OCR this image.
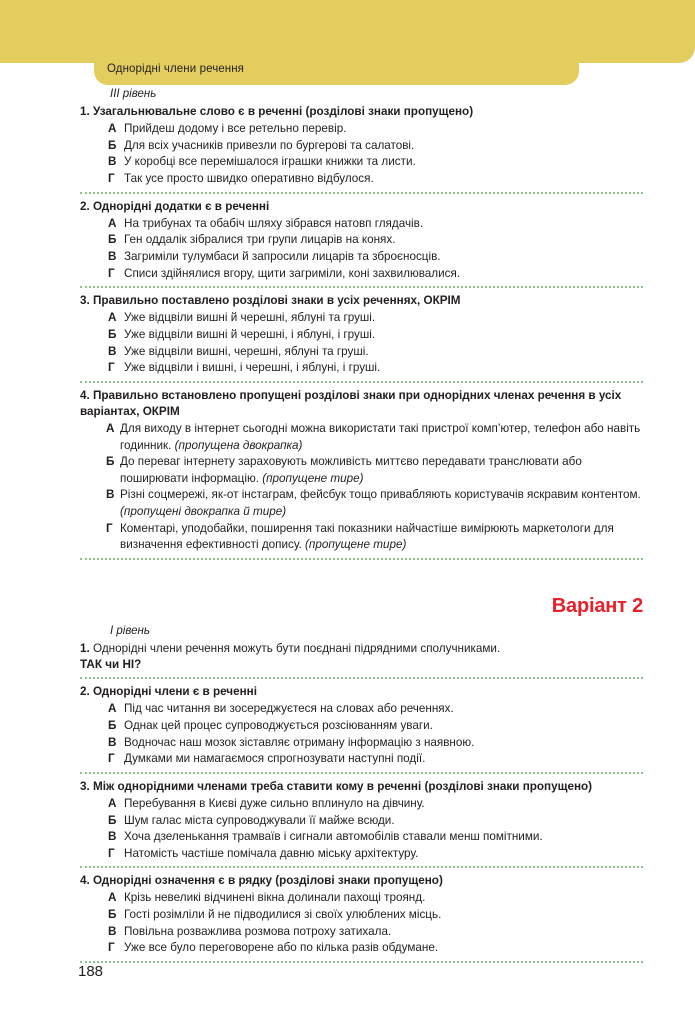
Однорідні члени речення
III рівень
1. Узагальнювальне слово є в реченні (розділові знаки пропущено)
А Прийдеш додому і все ретельно перевір.
Б Для всіх учасників привезли по бургерові та салатові.
В У коробці все перемішалося іграшки книжки та листи.
Г Так усе просто швидко оперативно відбулося.
2. Однорідні додатки є в реченні
А На трибунах та обабіч шляху зібрався натовп глядачів.
Б Ген оддалік зібралися три групи лицарів на конях.
В Загриміли тулумбаси й запросили лицарів та зброєносців.
Г Списи здійнялися вгору, щити загриміли, коні захвилювалися.
3. Правильно поставлено розділові знаки в усіх реченнях, ОКРІМ
А Уже відцвіли вишні й черешні, яблуні та груші.
Б Уже відцвіли вишні й черешні, і яблуні, і груші.
В Уже відцвіли вишні, черешні, яблуні та груші.
Г Уже відцвіли і вишні, і черешні, і яблуні, і груші.
4. Правильно встановлено пропущені розділові знаки при однорідних членах речення в усіх варіантах, ОКРІМ
А Для виходу в інтернет сьогодні можна використати такі пристрої комп’ютер, телефон або навіть годинник. (пропущена двокрапка)
Б До переваг інтернету зараховують можливість миттєво передавати транслювати або поширювати інформацію. (пропущене тире)
В Різні соцмережі, як-от інстаграм, фейсбук тощо привабляють користувачів яскравим контентом. (пропущені двокрапка й тире)
Г Коментарі, уподобайки, поширення такі показники найчастіше вимірюють маркетологи для визначення ефективності допису. (пропущене тире)
Варіант 2
I рівень
1. Однорідні члени речення можуть бути поєднані підрядними сполучниками.
ТАК чи НІ?
2. Однорідні члени є в реченні
А Під час читання ви зосереджуєтеся на словах або реченнях.
Б Однак цей процес супроводжується розсіюванням уваги.
В Водночас наш мозок зіставляє отриману інформацію з наявною.
Г Думками ми намагаємося спрогнозувати наступні події.
3. Між однорідними членами треба ставити кому в реченні (розділові знаки пропущено)
А Перебування в Києві дуже сильно вплинуло на дівчину.
Б Шум галас міста супроводжували її майже всюди.
В Хоча дзеленькання трамваїв і сигнали автомобілів ставали менш помітними.
Г Натомість частіше помічала давню міську архітектуру.
4. Однорідні означення є в рядку (розділові знаки пропущено)
А Крізь невеликі відчинені вікна долинали пахощі троянд.
Б Гості розімліли й не підводилися зі своїх улюблених місць.
В Повільна розважлива розмова потроху затихала.
Г Уже все було переговорене або по кілька разів обдумане.
188
